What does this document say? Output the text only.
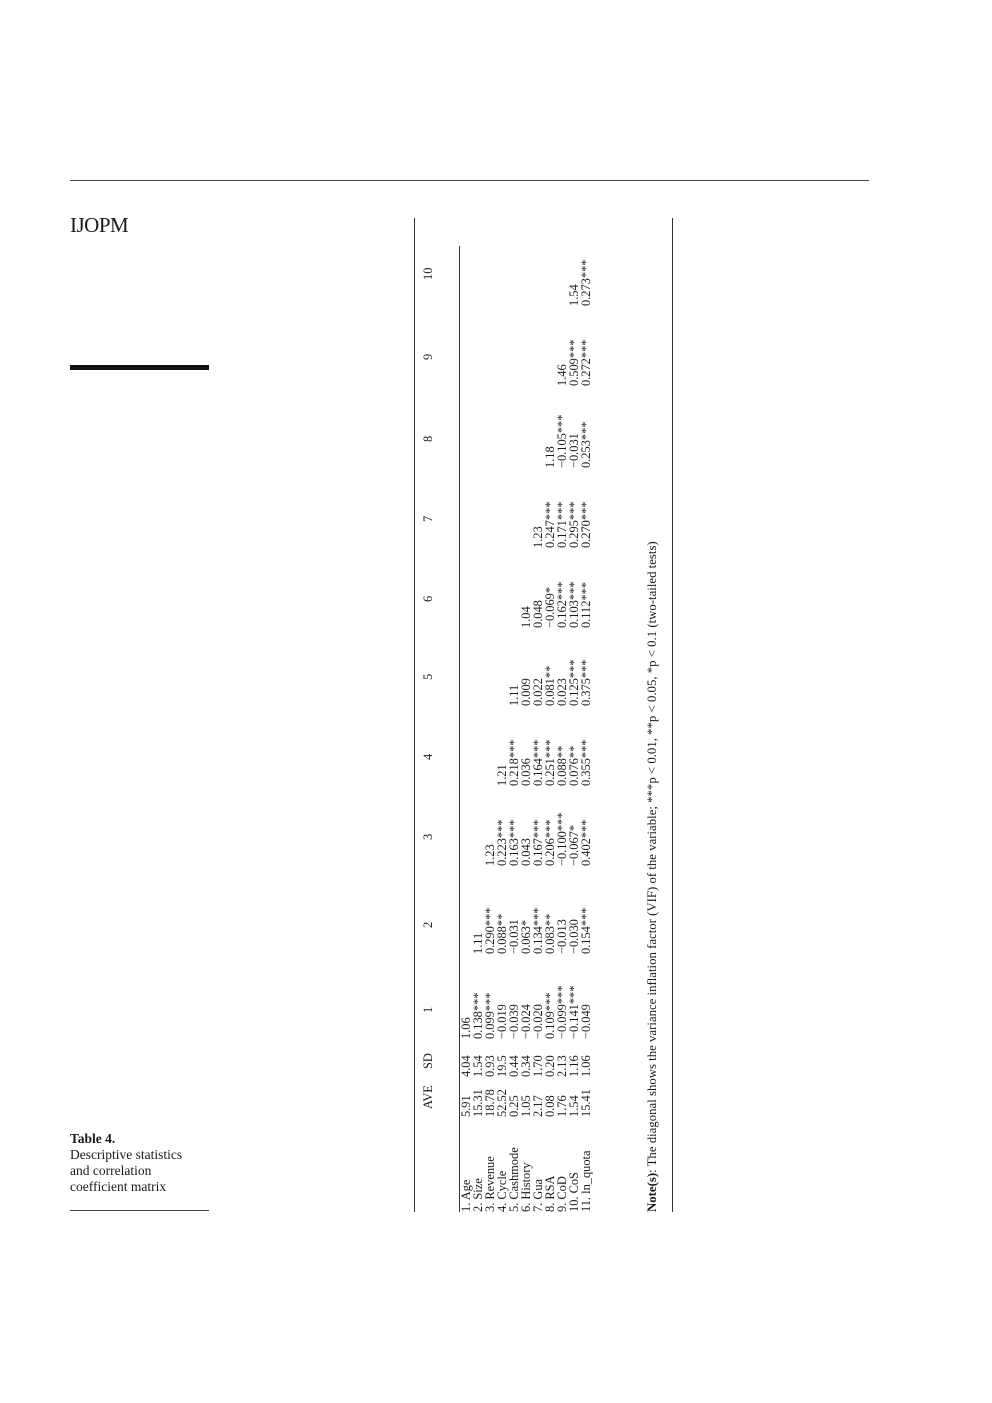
IJOPM
Table 4.
Descriptive statistics
and correlation
coefficient matrix
	AVE	SD	1	2	3	4	5	6	7	8	9	10

1. Age	5.91	4.04	1.06									
2. Size	15.31	1.54	0.138***	1.11								
3. Revenue	18.78	0.93	0.099***	0.290***	1.23							
4. Cycle	52.52	19.5	−0.019	0.088**	0.223***	1.21						
5. Cashmode	0.25	0.44	−0.039	−0.031	0.163***	0.218***	1.11					
6. History	1.05	0.34	−0.024	0.063*	0.043	0.036	0.009	1.04				
7. Gua	2.17	1.70	−0.020	0.134***	0.167***	0.164***	0.022	0.048	1.23			
8. RSA	0.08	0.20	0.109***	0.083**	0.206***	0.251***	0.081**	−0.069*	0.247***	1.18		
9. CoD	1.76	2.13	−0.099***	−0.013	−0.100***	0.088**	0.023	0.162***	0.171***	−0.105***	1.46	
10. CoS	1.54	1.16	−0.141***	−0.030	−0.067*	0.076**	0.125***	0.103***	0.295***	−0.031	0.509***	1.54
11. ln_quota	15.41	1.06	−0.049	0.154***	0.402***	0.355***	0.375***	0.112***	0.270***	0.253***	0.272***	0.273***
Note(s): The diagonal shows the variance inflation factor (VIF) of the variable; ***p < 0.01, **p < 0.05, *p < 0.1 (two-tailed tests)
